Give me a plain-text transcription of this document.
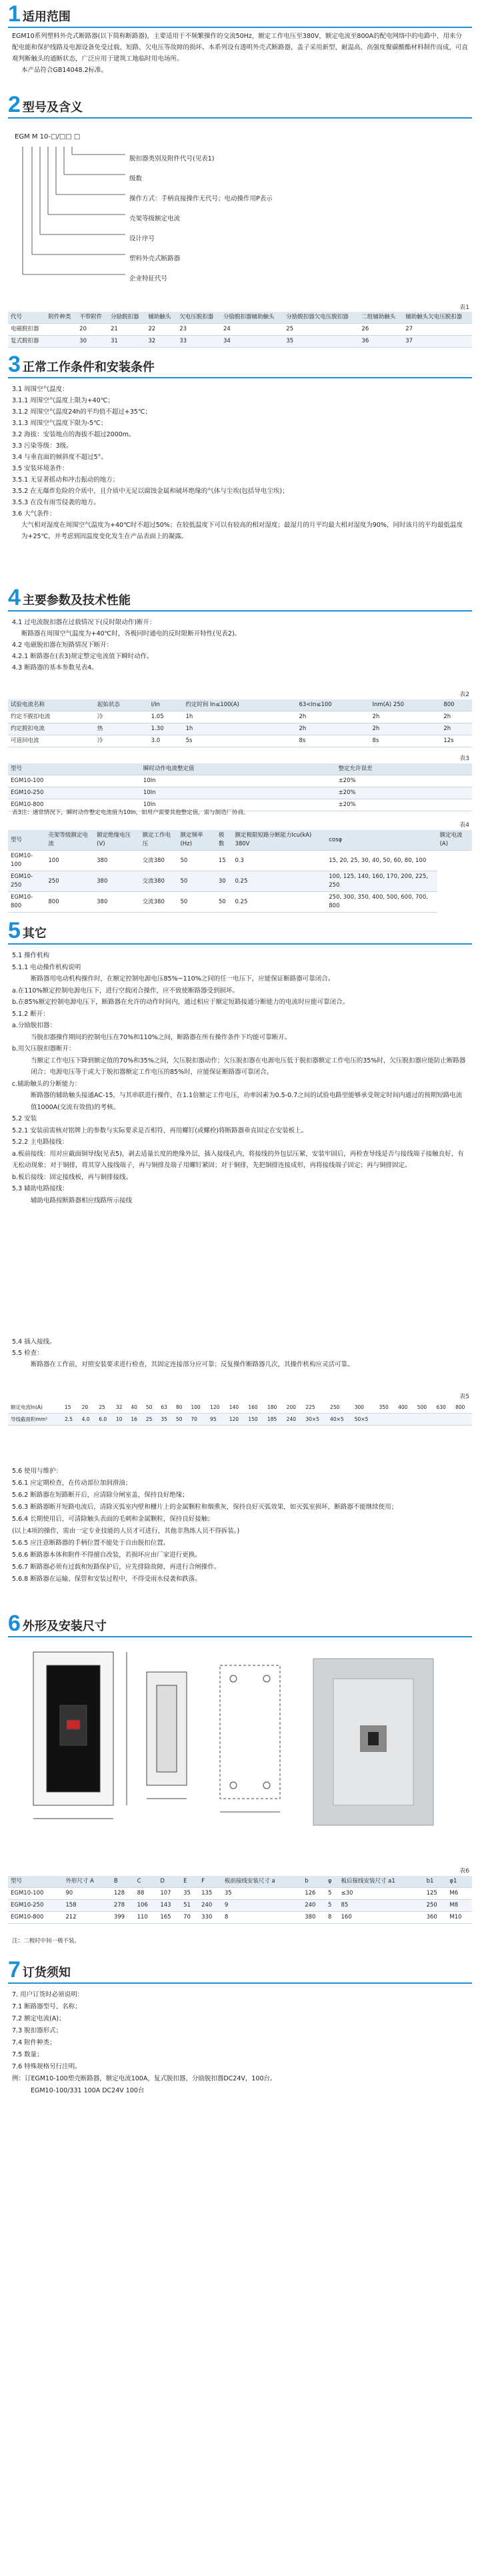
1 适用范围

EGM10系列塑料外壳式断路器(以下简称断路器)，主要适用于不频繁操作的交流50Hz，额定工作电压至380V，额定电流至800A的配电网络中的电路中，用来分配电能和保护线路及电源设备免受过载、短路、欠电压等故障的损坏。本系列设有透明外壳式断路器，盖子采用新型、耐温高、高强度聚碳酸酯材料制作而成，可直观判断触头的通断状态，广泛应用于建筑工地临时用电场所。

本产品符合GB14048.2标准。

2 型号及含义
EGM M 10-□/□□ □
脱扣器类别及附件代号(见表1)
级数
操作方式：手柄直接操作无代号；电动操作用P表示
壳架等级额定电流
设计序号
塑料外壳式断路器
企业特征代号
表1
代号	附件种类	不带附件	分励脱扣器	辅助触头	欠电压脱扣器	分励脱扣器辅助触头	分励脱扣器欠电压脱扣器	二组辅助触头	辅助触头欠电压脱扣器
电磁脱扣器		20	21	22	23	24	25	26	27
复式脱扣器		30	31	32	33	34	35	36	37
3 正常工作条件和安装条件

3.1 周围空气温度：

3.1.1 周围空气温度上限为+40℃；

3.1.2 周围空气温度24h的平均值不超过+35℃；

3.1.3 周围空气温度下限为-5℃；

3.2 海拔：安装地点的海拔不超过2000m。

3.3 污染等级：3级。

3.4 与垂直面的倾斜度不超过5°。

3.5 安装环境条件：

3.5.1 无显著摇动和冲击振动的地方；

3.5.2 在无爆炸危险的介质中，且介质中无足以腐蚀金属和破坏绝缘的气体与尘埃(包括导电尘埃)；

3.5.3 在没有雨雪侵袭的地方。

3.6 大气条件：

大气相对湿度在周围空气温度为+40℃时不超过50%；在较低温度下可以有较高的相对湿度；最湿月的月平均最大相对湿度为90%，同时该月的平均最低温度为+25℃，并考虑到因温度变化发生在产品表面上的凝露。

4 主要参数及技术性能

4.1 过电流脱扣器在过载情况下(反时限动作)断开：

断路器在周围空气温度为+40℃时，各极同时通电的反时限断开特性(见表2)。

4.2 电磁脱扣器在短路情况下断开：

4.2.1 断路器在(表3)规定整定电流值下瞬时动作。

4.3 断路器的基本参数见表4。

表2
试验电流名称	起始状态	I/In	约定时间 In≤100(A)	63<In≤100	Inm(A) 250	800
约定不脱扣电流	冷	1.05	1h	2h	2h	2h
约定脱扣电流	热	1.30	1h	2h	2h	2h
可返回电流	冷	3.0	5s	8s	8s	12s
表3
型号	瞬时动作电流整定值	整定允许误差
EGM10-100	10In	±20%
EGM10-250	10In	±20%
EGM10-800	10In	±20%
表3注：通常情况下，瞬时动作整定电流值为10In，如用户需要其他整定值，需与制造厂协商。
表4
型号	壳架等级额定电流	额定绝缘电压(V)	额定工作电压	额定频率(Hz)	极数	额定极限短路分断能力Icu(kA) 380V	cosφ	额定电流(A)
EGM10-100	100	380	交流380	50	15	0.3	15, 20, 25, 30, 40, 50, 60, 80, 100	
EGM10-250	250	380	交流380	50	30	0.25	100, 125, 140, 160, 170, 200, 225, 250	
EGM10-800	800	380	交流380	50	50	0.25	250, 300, 350, 400, 500, 600, 700, 800	
5 其它

5.1 操作机构

5.1.1 电动操作机构说明

断路器用电动机构操作时，在额定控制电源电压85%~110%之间的任一电压下，应能保证断路器可靠闭合。

a.在110%额定控制电源电压下，进行空载闭合操作，应不致使断路器受到损坏。

b.在85%额定控制电源电压下，断路器在允许的动作时间内，通过相应于额定短路接通分断能力的电流时应能可靠闭合。

5.1.2 断开：

a.分励脱扣器：

当脱扣器操作期间的控制电压在70%和110%之间，断路器在所有操作条件下均能可靠断开。

b.用欠压脱扣器断开：

当额定工作电压下降到额定值的70%和35%之间，欠压脱扣器动作；欠压脱扣器在电源电压低于脱扣器额定工作电压的35%时，欠压脱扣器应能防止断路器闭合；电源电压等于或大于脱扣器额定工作电压的85%时，应能保证断路器可靠闭合。

c.辅助触头的分断能力：

断路器的辅助触头接通AC-15，与其串联进行操作，在1.1倍额定工作电压，功率因素为0.5-0.7之间的试验电路里能够承受规定时间内通过的预期短路电流值1000A(交流有效值)的考核。

5.2 安装

5.2.1 安装前需核对铭牌上的参数与实际要求是否相符，再用螺钉(或螺栓)将断路器垂直固定在安装板上。

5.2.2 主电路接线：

a.板前接线：用对应截面铜导线(见表5)，剥去适量长度的绝缘外层，插入接线孔内，将接线的外包层压紧，安装牢固后，再检查导线是否与接线端子接触良好，有无松动现象；对于铜排，将其穿入接线端子，再与铜排及端子用螺钉紧固；对于铜排，先把铜排连接成形，再将接线端子固定；再与铜排固定。

b.板后接线：固定接线板，再与铜排接线。

5.3 辅助电路接线：

辅助电路按断路器相应线路所示接线

5.4 插入接线。

5.5 检查：

断路器在工作前，对照安装要求进行检查，其固定连接部分应可靠；反复操作断路器几次，其操作机构应灵活可靠。

表5
额定电流In(A)	15	20	25	32	40	50	63	80	100	120	140	160	180	200	225	250	300	350	400	500	630	800
导线截面积mm²	2.5	4.0	6.0	10	16	25	35	50	70	95	120	150	185	240	30×5	40×5	50×5					

5.6 使用与维护：

5.6.1 应定期检查，在传动部位加润滑油；

5.6.2 断路器在短路断开后，应清除分闸室盖，保持良好绝缘；

5.6.3 断路器断开短路电流后，清除灭弧室内壁和栅片上的金属颗粒和烟熏灰，保持良好灭弧效果，如灭弧室损坏，断路器不能继续使用；

5.6.4 长期使用后，可清除触头表面的毛刺和金属颗粒，保持良好接触；

(以上4项的操作，需由一定专业技能的人员才可进行，其他非熟练人员不得拆装。)

5.6.5 应注意断路器的手柄位置不能处于自由脱扣位置。

5.6.6 断路器本体和附件不得擅自改装，若损坏应由厂家进行更换。

5.6.7 断路器必须有过载和短路保护后，应先排除故障，再进行合闸操作。

5.6.8 断路器在运输、保管和安装过程中，不得受雨水侵袭和跌落。

6 外形及安装尺寸
表6
型号	外形尺寸 A	B	C	D	E	F	板前接线安装尺寸 a	b	φ	板后接线安装尺寸 a1	b1	φ1
EGM10-100	90	128	88	107	35	135	35	126	5	≤30	125	M6
EGM10-250	158	278	106	143	51	240	9	240	5	85	250	M8
EGM10-800	212	399	110	165	70	330	8	380	8	160	360	M10
注：二极时中间一极不装。
7 订货须知

7. 用户订货时必须说明：

7.1 断路器型号、名称；

7.2 额定电流(A)；

7.3 脱扣器形式；

7.4 附件种类；

7.5 数量；

7.6 特殊规格另行注明。

例：订EGM10-100塑壳断路器，额定电流100A，复式脱扣器，分励脱扣器DC24V，100台。

EGM10-100/331 100A DC24V 100台
